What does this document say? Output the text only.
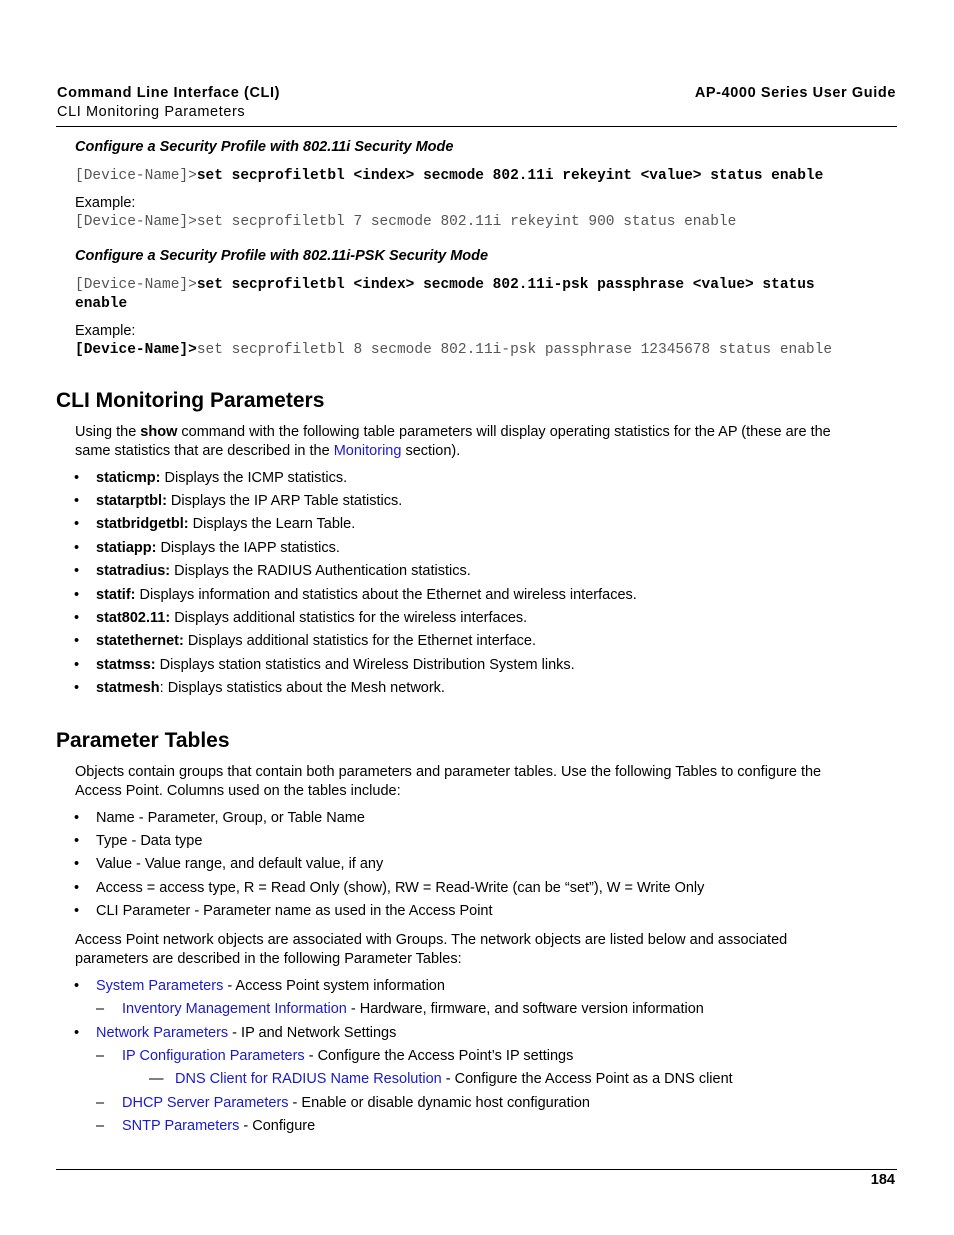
Command Line Interface (CLI)
CLI Monitoring Parameters
AP-4000 Series User Guide
Configure a Security Profile with 802.11i Security Mode
[Device-Name]>set secprofiletbl <index> secmode 802.11i rekeyint <value> status enable
Example:
[Device-Name]>set secprofiletbl 7 secmode 802.11i rekeyint 900 status enable
Configure a Security Profile with 802.11i-PSK Security Mode
[Device-Name]>set secprofiletbl <index> secmode 802.11i-psk passphrase <value> status
enable
Example:
[Device-Name]>set secprofiletbl 8 secmode 802.11i-psk passphrase 12345678 status enable
CLI Monitoring Parameters
Using the show command with the following table parameters will display operating statistics for the AP (these are the
same statistics that are described in the Monitoring section).
• staticmp: Displays the ICMP statistics.
• statarptbl: Displays the IP ARP Table statistics.
• statbridgetbl: Displays the Learn Table.
• statiapp: Displays the IAPP statistics.
• statradius: Displays the RADIUS Authentication statistics.
• statif: Displays information and statistics about the Ethernet and wireless interfaces.
• stat802.11: Displays additional statistics for the wireless interfaces.
• statethernet: Displays additional statistics for the Ethernet interface.
• statmss: Displays station statistics and Wireless Distribution System links.
• statmesh: Displays statistics about the Mesh network.
Parameter Tables
Objects contain groups that contain both parameters and parameter tables. Use the following Tables to configure the
Access Point. Columns used on the tables include:
• Name - Parameter, Group, or Table Name
• Type - Data type
• Value - Value range, and default value, if any
• Access = access type, R = Read Only (show), RW = Read-Write (can be “set”), W = Write Only
• CLI Parameter - Parameter name as used in the Access Point
Access Point network objects are associated with Groups. The network objects are listed below and associated
parameters are described in the following Parameter Tables:
• System Parameters - Access Point system information
– Inventory Management Information - Hardware, firmware, and software version information
• Network Parameters - IP and Network Settings
– IP Configuration Parameters - Configure the Access Point’s IP settings
— DNS Client for RADIUS Name Resolution - Configure the Access Point as a DNS client
– DHCP Server Parameters - Enable or disable dynamic host configuration
– SNTP Parameters - Configure
184
